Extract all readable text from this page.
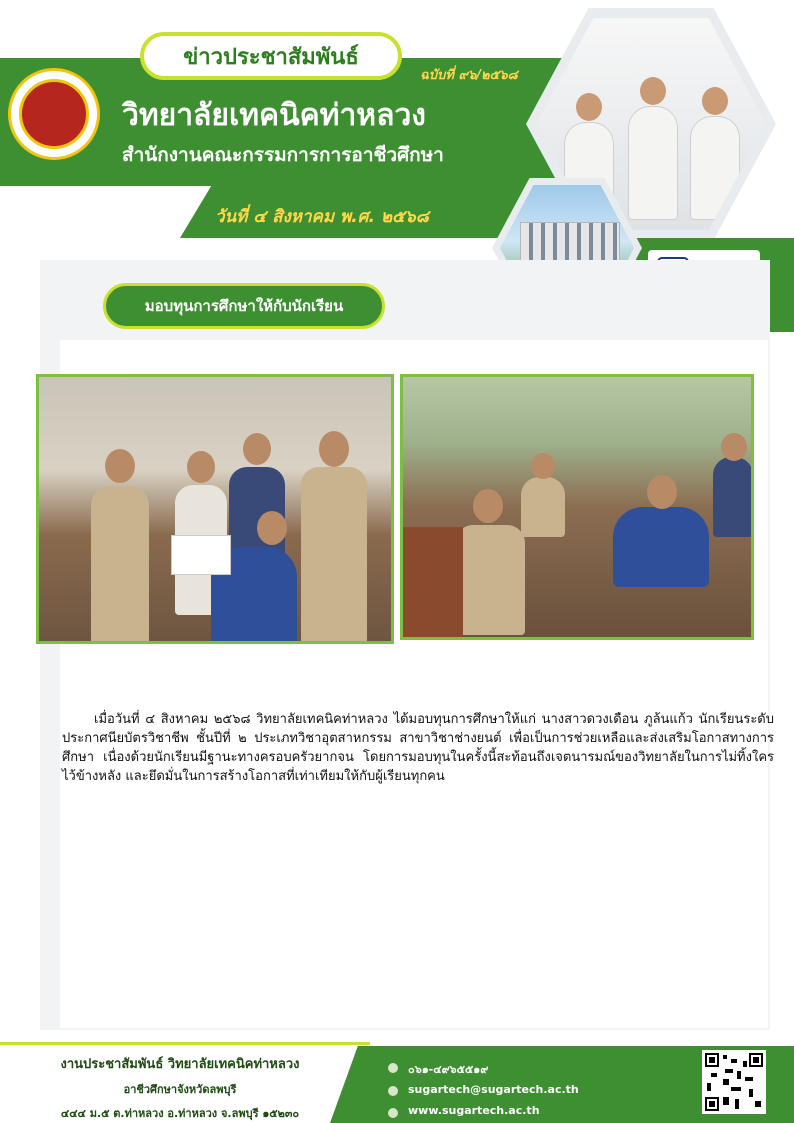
ข่าวประชาสัมพันธ์
ฉบับที่ ๙๖/๒๕๖๘
วิทยาลัยเทคนิคท่าหลวง
สำนักงานคณะกรรมการการอาชีวศึกษา
วันที่ ๔ สิงหาคม พ.ศ. ๒๕๖๘
มอบทุนการศึกษาให้กับนักเรียน

เมื่อวันที่ ๔ สิงหาคม ๒๕๖๘ วิทยาลัยเทคนิคท่าหลวง ได้มอบทุนการศึกษาให้แก่ นางสาวดวงเดือน ภูล้นแก้ว นักเรียนระดับประกาศนียบัตรวิชาชีพ ชั้นปีที่ ๒ ประเภทวิชาอุตสาหกรรม สาขาวิชาช่างยนต์ เพื่อเป็นการช่วยเหลือและส่งเสริมโอกาสทางการศึกษา เนื่องด้วยนักเรียนมีฐานะทางครอบครัวยากจน โดยการมอบทุนในครั้งนี้สะท้อนถึงเจตนารมณ์ของวิทยาลัยในการไม่ทิ้งใครไว้ข้างหลัง และยึดมั่นในการสร้างโอกาสที่เท่าเทียมให้กับผู้เรียนทุกคน

งานประชาสัมพันธ์ วิทยาลัยเทคนิคท่าหลวง
อาชีวศึกษาจังหวัดลพบุรี
๔๔๔ ม.๕ ต.ท่าหลวง อ.ท่าหลวง จ.ลพบุรี ๑๕๒๓๐
๐๖๑-๔๙๖๕๕๑๙
sugartech@sugartech.ac.th
www.sugartech.ac.th
